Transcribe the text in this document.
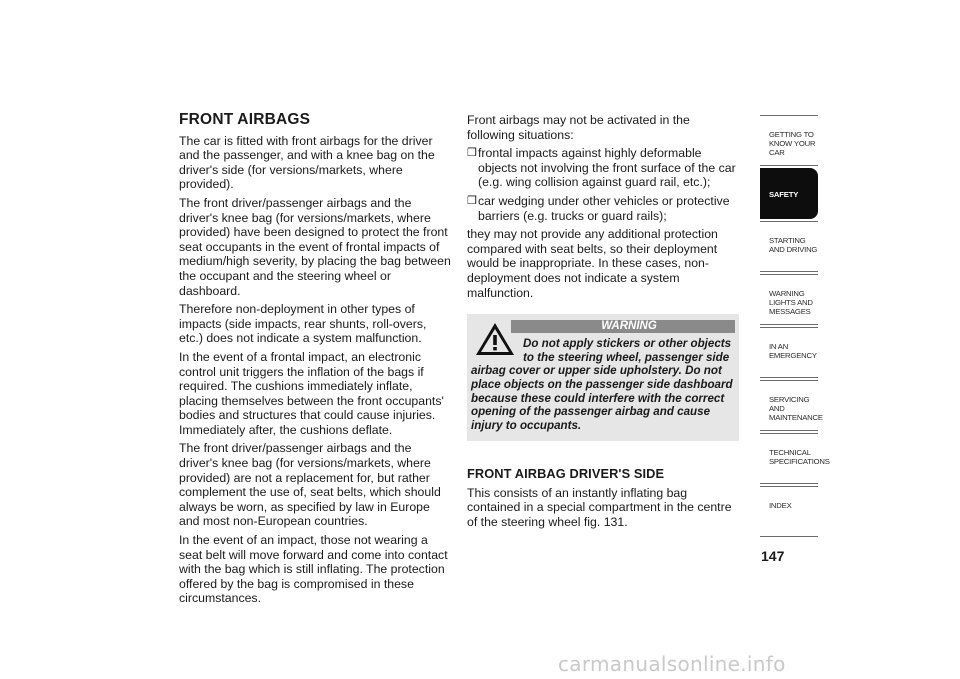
FRONT AIRBAGS

The car is fitted with front airbags for the driver and the passenger, and with a knee bag on the driver's side (for versions/markets, where provided).

The front driver/passenger airbags and the driver's knee bag (for versions/markets, where provided) have been designed to protect the front seat occupants in the event of frontal impacts of medium/high severity, by placing the bag between the occupant and the steering wheel or dashboard.

Therefore non-deployment in other types of impacts (side impacts, rear shunts, roll-overs, etc.) does not indicate a system malfunction.

In the event of a frontal impact, an electronic control unit triggers the inflation of the bags if required. The cushions immediately inflate, placing themselves between the front occupants' bodies and structures that could cause injuries. Immediately after, the cushions deflate.

The front driver/passenger airbags and the driver's knee bag (for versions/markets, where provided) are not a replacement for, but rather complement the use of, seat belts, which should always be worn, as specified by law in Europe and most non-European countries.

In the event of an impact, those not wearing a seat belt will move forward and come into contact with the bag which is still inflating. The protection offered by the bag is compromised in these circumstances.

Front airbags may not be activated in the following situations:

❒ frontal impacts against highly deformable objects not involving the front surface of the car (e.g. wing collision against guard rail, etc.);
❒ car wedging under other vehicles or protective barriers (e.g. trucks or guard rails);

they may not provide any additional protection compared with seat belts, so their deployment would be inappropriate. In these cases, non-deployment does not indicate a system malfunction.

WARNING
Do not apply stickers or other objects to the steering wheel, passenger side airbag cover or upper side upholstery. Do not place objects on the passenger side dashboard because these could interfere with the correct opening of the passenger airbag and cause injury to occupants.
FRONT AIRBAG DRIVER'S SIDE

This consists of an instantly inflating bag contained in a special compartment in the centre of the steering wheel fig. 131.

GETTING TO KNOW YOUR CAR
SAFETY
STARTING AND DRIVING
WARNING LIGHTS AND MESSAGES
IN AN EMERGENCY
SERVICING AND MAINTENANCE
TECHNICAL SPECIFICATIONS
INDEX
147
carmanualsonline.info
